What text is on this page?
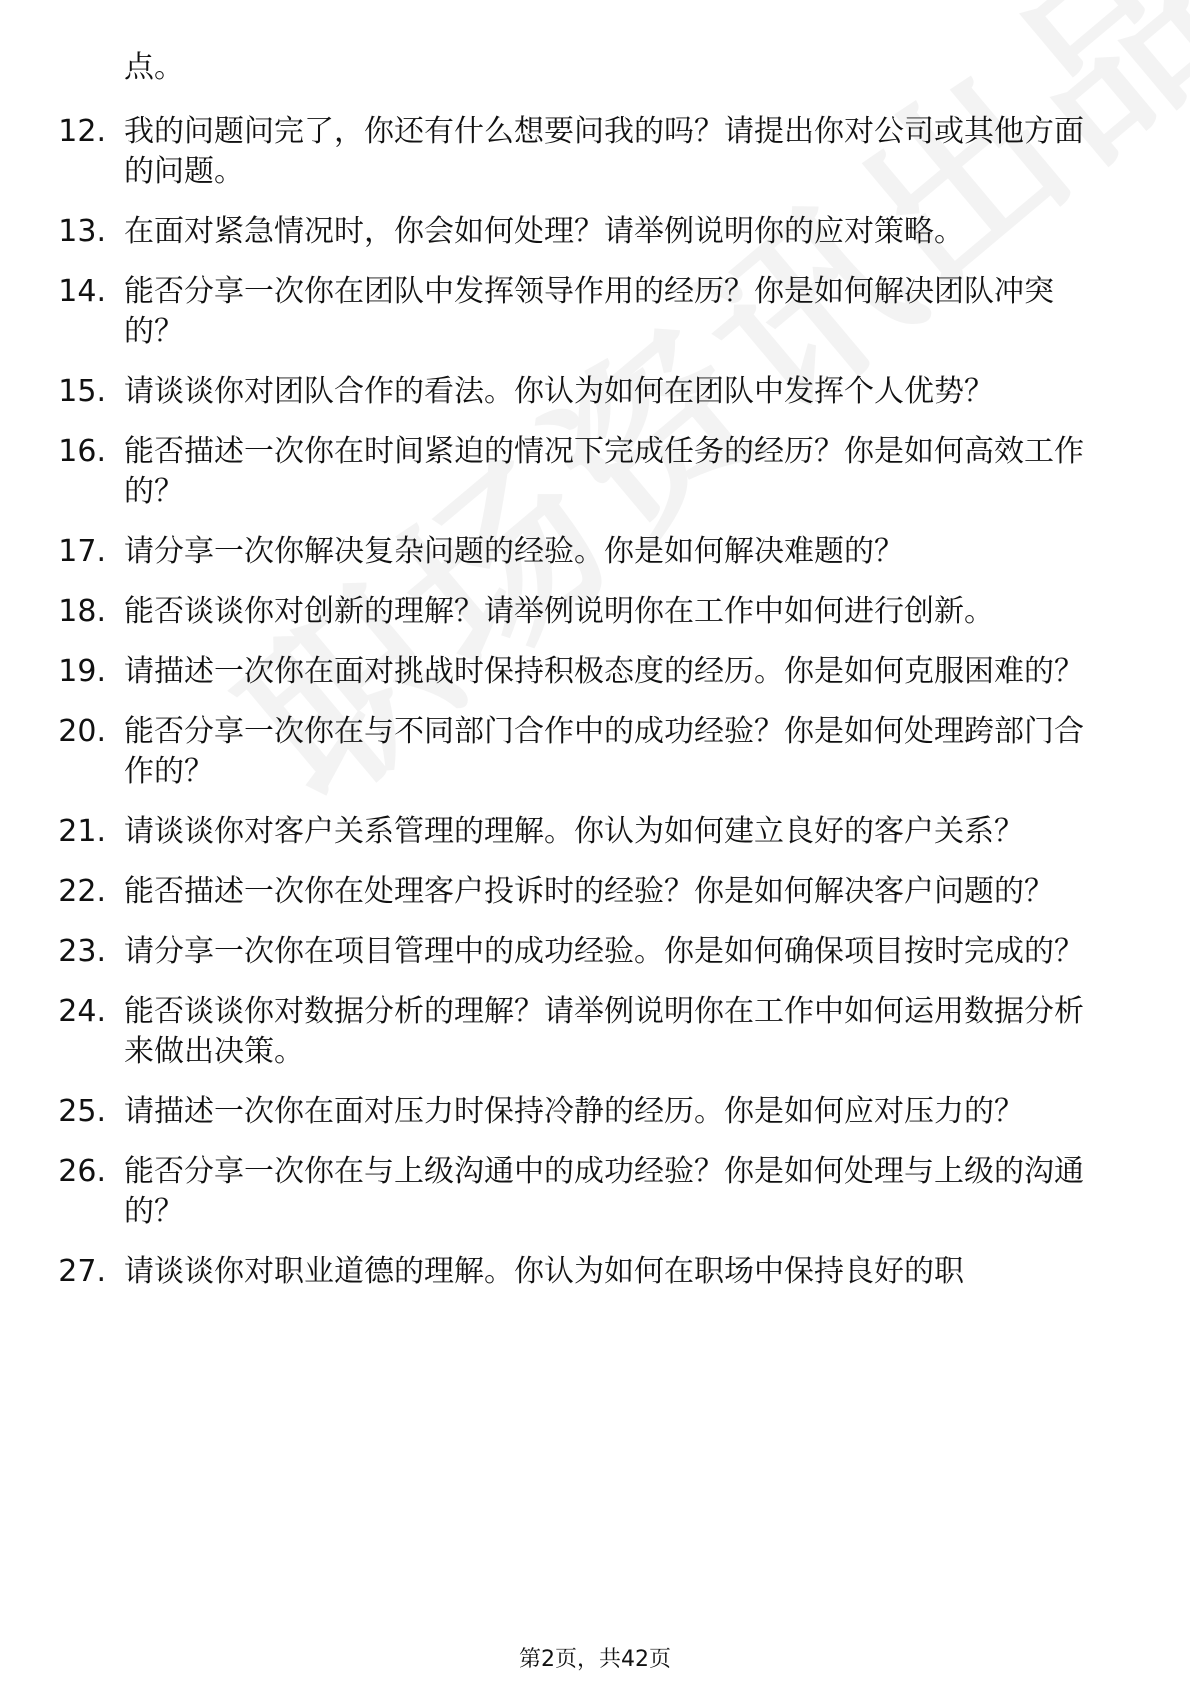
点。

12. 我的问题问完了，你还有什么想要问我的吗？请提出你对公司或其他方面的问题。
13. 在面对紧急情况时，你会如何处理？请举例说明你的应对策略。
14. 能否分享一次你在团队中发挥领导作用的经历？你是如何解决团队冲突的？
15. 请谈谈你对团队合作的看法。你认为如何在团队中发挥个人优势？
16. 能否描述一次你在时间紧迫的情况下完成任务的经历？你是如何高效工作的？
17. 请分享一次你解决复杂问题的经验。你是如何解决难题的？
18. 能否谈谈你对创新的理解？请举例说明你在工作中如何进行创新。
19. 请描述一次你在面对挑战时保持积极态度的经历。你是如何克服困难的？
20. 能否分享一次你在与不同部门合作中的成功经验？你是如何处理跨部门合作的？
21. 请谈谈你对客户关系管理的理解。你认为如何建立良好的客户关系？
22. 能否描述一次你在处理客户投诉时的经验？你是如何解决客户问题的？
23. 请分享一次你在项目管理中的成功经验。你是如何确保项目按时完成的？
24. 能否谈谈你对数据分析的理解？请举例说明你在工作中如何运用数据分析来做出决策。
25. 请描述一次你在面对压力时保持冷静的经历。你是如何应对压力的？
26. 能否分享一次你在与上级沟通中的成功经验？你是如何处理与上级的沟通的？
27. 请谈谈你对职业道德的理解。你认为如何在职场中保持良好的职
第2页，共42页
